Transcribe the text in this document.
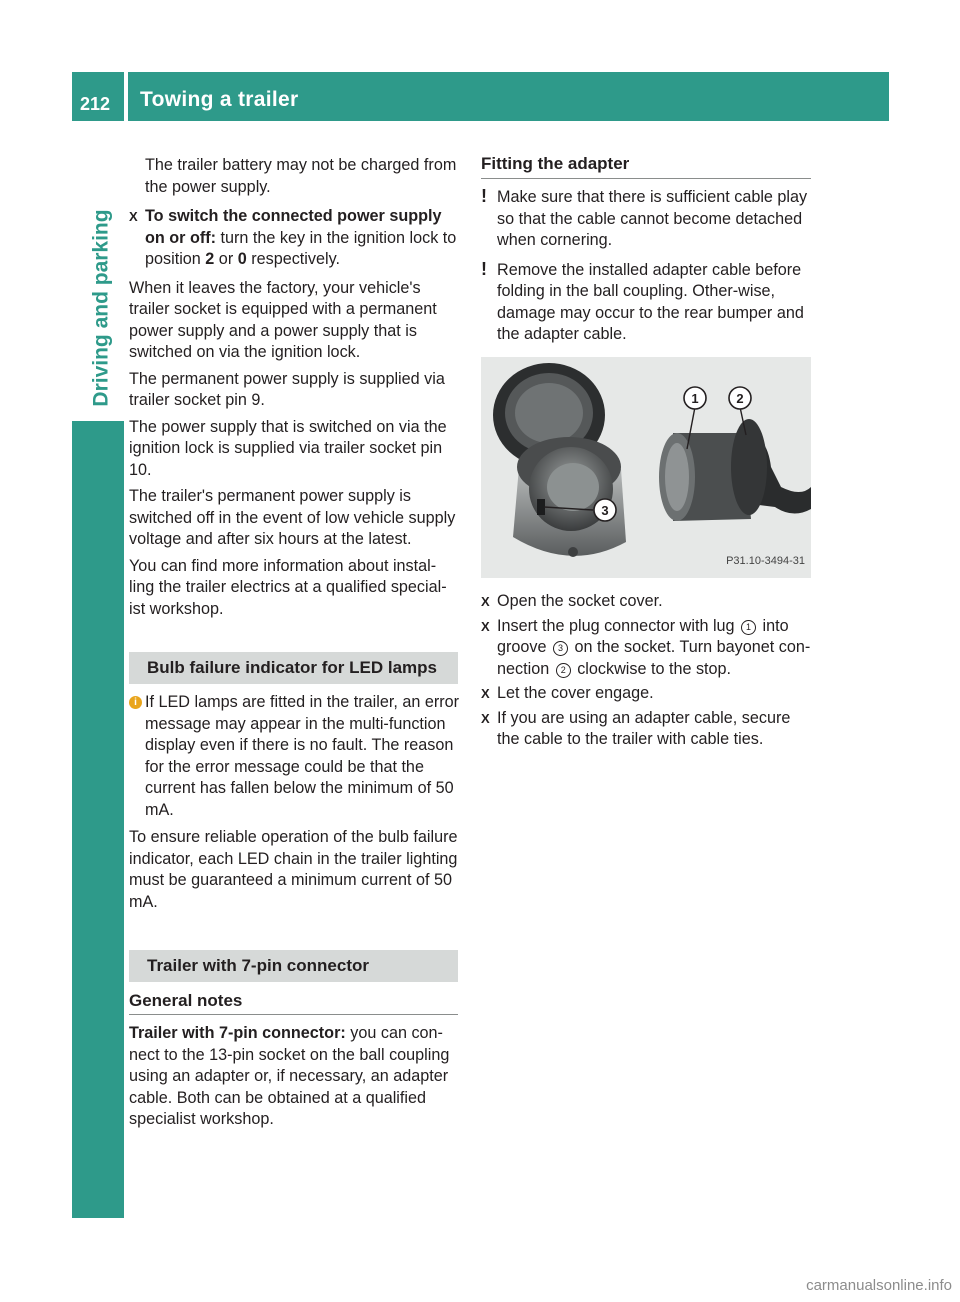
212 Towing a trailer
Driving and parking

The trailer battery may not be charged from the power supply.

X To switch the connected power supply on or off: turn the key in the ignition lock to position 2 or 0 respectively.

When it leaves the factory, your vehicle's trailer socket is equipped with a permanent power supply and a power supply that is switched on via the ignition lock.

The permanent power supply is supplied via trailer socket pin 9.

The power supply that is switched on via the ignition lock is supplied via trailer socket pin 10.

The trailer's permanent power supply is switched off in the event of low vehicle supply voltage and after six hours at the latest.

You can find more information about instal-ling the trailer electrics at a qualified special-ist workshop.

Bulb failure indicator for LED lamps

i If LED lamps are fitted in the trailer, an error message may appear in the multi-function display even if there is no fault. The reason for the error message could be that the current has fallen below the minimum of 50 mA.

To ensure reliable operation of the bulb failure indicator, each LED chain in the trailer lighting must be guaranteed a minimum current of 50 mA.

Trailer with 7-pin connector
General notes

Trailer with 7-pin connector: you can con-nect to the 13-pin socket on the ball coupling using an adapter or, if necessary, an adapter cable. Both can be obtained at a qualified specialist workshop.

Fitting the adapter

! Make sure that there is sufficient cable play so that the cable cannot become detached when cornering.

! Remove the installed adapter cable before folding in the ball coupling. Other-wise, damage may occur to the rear bumper and the adapter cable.

1	2
3
P31.10-3494-31

X Open the socket cover.

X Insert the plug connector with lug 1 into groove 3 on the socket. Turn bayonet con-nection 2 clockwise to the stop.

X Let the cover engage.

X If you are using an adapter cable, secure the cable to the trailer with cable ties.

carmanualsonline.info
